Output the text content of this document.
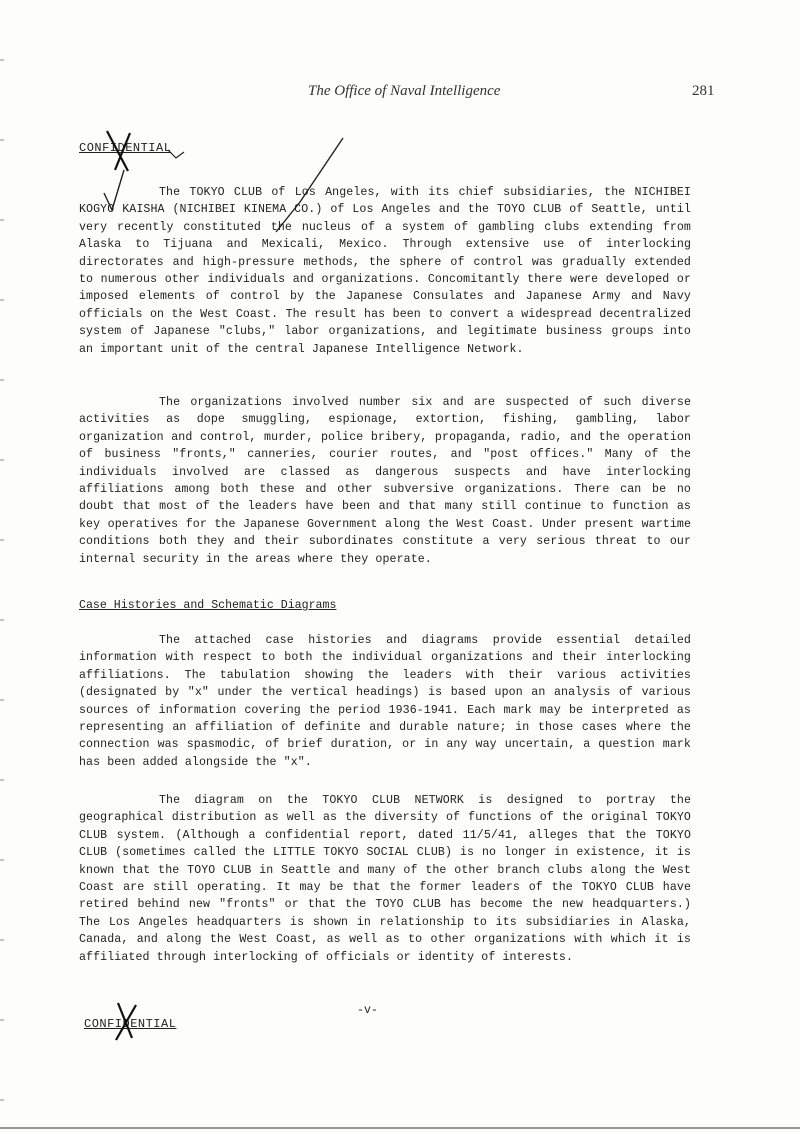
The Office of Naval Intelligence	281
CONFIDENTIAL
The TOKYO CLUB of Los Angeles, with its chief subsidiaries, the NICHIBEI KOGYO KAISHA (NICHIBEI KINEMA CO.) of Los Angeles and the TOYO CLUB of Seattle, until very recently constituted the nucleus of a system of gambling clubs extending from Alaska to Tijuana and Mexicali, Mexico. Through extensive use of interlocking directorates and high-pressure methods, the sphere of control was gradually extended to numerous other individuals and organizations. Concomitantly there were developed or imposed elements of control by the Japanese Consulates and Japanese Army and Navy officials on the West Coast. The result has been to convert a widespread decentralized system of Japanese "clubs," labor organizations, and legitimate business groups into an important unit of the central Japanese Intelligence Network.
The organizations involved number six and are suspected of such diverse activities as dope smuggling, espionage, extortion, fishing, gambling, labor organization and control, murder, police bribery, propaganda, radio, and the operation of business "fronts," canneries, courier routes, and "post offices." Many of the individuals involved are classed as dangerous suspects and have interlocking affiliations among both these and other subversive organizations. There can be no doubt that most of the leaders have been and that many still continue to function as key operatives for the Japanese Government along the West Coast. Under present wartime conditions both they and their subordinates constitute a very serious threat to our internal security in the areas where they operate.
Case Histories and Schematic Diagrams
The attached case histories and diagrams provide essential detailed information with respect to both the individual organizations and their interlocking affiliations. The tabulation showing the leaders with their various activities (designated by "x" under the vertical headings) is based upon an analysis of various sources of information covering the period 1936-1941. Each mark may be interpreted as representing an affiliation of definite and durable nature; in those cases where the connection was spasmodic, of brief duration, or in any way uncertain, a question mark has been added alongside the "x".
The diagram on the TOKYO CLUB NETWORK is designed to portray the geographical distribution as well as the diversity of functions of the original TOKYO CLUB system. (Although a confidential report, dated 11/5/41, alleges that the TOKYO CLUB (sometimes called the LITTLE TOKYO SOCIAL CLUB) is no longer in existence, it is known that the TOYO CLUB in Seattle and many of the other branch clubs along the West Coast are still operating. It may be that the former leaders of the TOKYO CLUB have retired behind new "fronts" or that the TOYO CLUB has become the new headquarters.) The Los Angeles headquarters is shown in relationship to its subsidiaries in Alaska, Canada, and along the West Coast, as well as to other organizations with which it is affiliated through interlocking of officials or identity of interests.
-v-
CONFIDENTIAL
